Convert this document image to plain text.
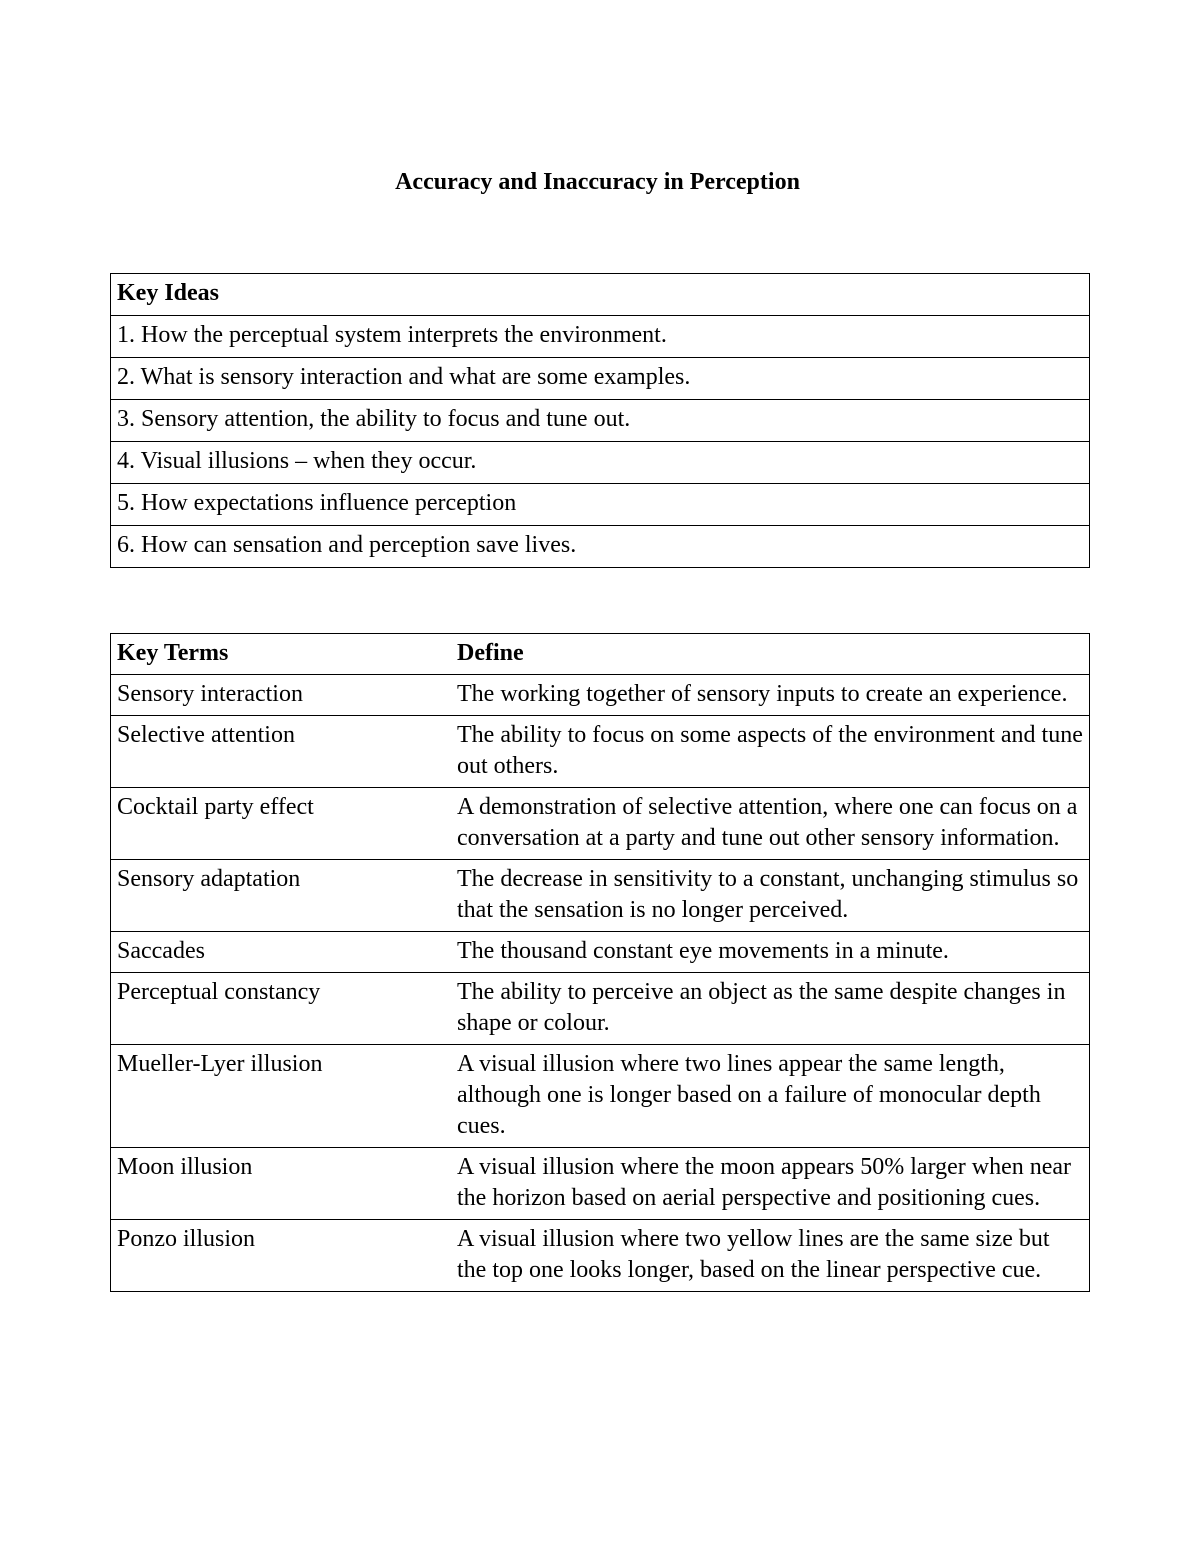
Accuracy and Inaccuracy in Perception
Key Ideas
1. How the perceptual system interprets the environment.
2. What is sensory interaction and what are some examples.
3. Sensory attention, the ability to focus and tune out.
4. Visual illusions – when they occur.
5. How expectations influence perception
6. How can sensation and perception save lives.
Key Terms	Define
Sensory interaction	The working together of sensory inputs to create an experience.
Selective attention	The ability to focus on some aspects of the environment and tune out others.
Cocktail party effect	A demonstration of selective attention, where one can focus on a conversation at a party and tune out other sensory information.
Sensory adaptation	The decrease in sensitivity to a constant, unchanging stimulus so that the sensation is no longer perceived.
Saccades	The thousand constant eye movements in a minute.
Perceptual constancy	The ability to perceive an object as the same despite changes in shape or colour.
Mueller-Lyer illusion	A visual illusion where two lines appear the same length, although one is longer based on a failure of monocular depth cues.
Moon illusion	A visual illusion where the moon appears 50% larger when near the horizon based on aerial perspective and positioning cues.
Ponzo illusion	A visual illusion where two yellow lines are the same size but the top one looks longer, based on the linear perspective cue.
